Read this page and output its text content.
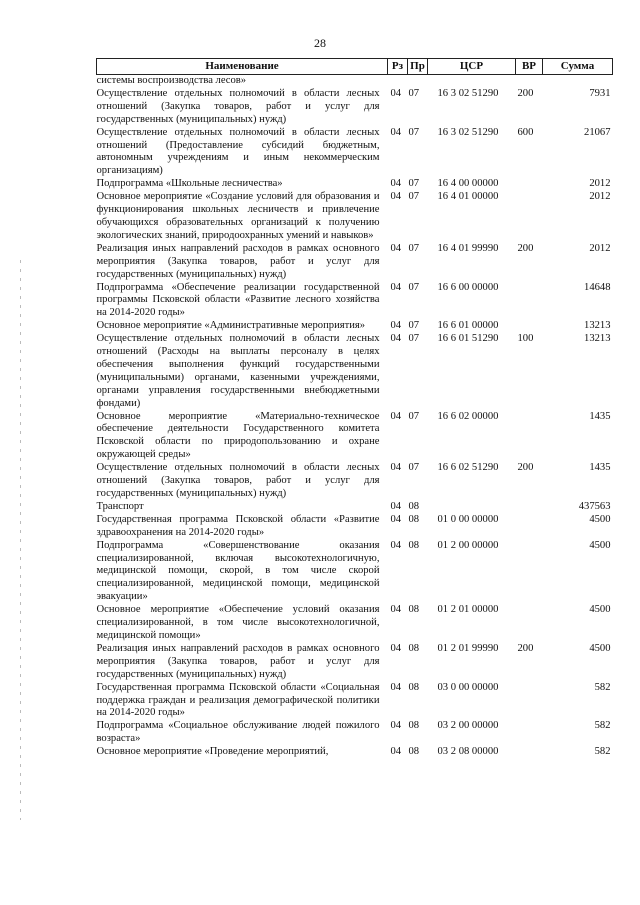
28
Наименование	Рз	Пр	ЦСР	ВР	Сумма
системы воспроизводства лесов»					
Осуществление отдельных полномочий в области лесных отношений (Закупка товаров, работ и услуг для государственных (муниципальных) нужд)	04	07	16 3 02 51290	200	7931
Осуществление отдельных полномочий в области лесных отношений (Предоставление субсидий бюджетным, автономным учреждениям и иным некоммерческим организациям)	04	07	16 3 02 51290	600	21067
Подпрограмма «Школьные лесничества»	04	07	16 4 00 00000		2012
Основное мероприятие «Создание условий для образования и функционирования школьных лесничеств и привлечение обучающихся образовательных организаций к получению экологических знаний, природоохранных умений и навыков»	04	07	16 4 01 00000		2012
Реализация иных направлений расходов в рамках основного мероприятия (Закупка товаров, работ и услуг для государственных (муниципальных) нужд)	04	07	16 4 01 99990	200	2012
Подпрограмма «Обеспечение реализации государственной программы Псковской области «Развитие лесного хозяйства на 2014-2020 годы»	04	07	16 6 00 00000		14648
Основное мероприятие «Административные мероприятия»	04	07	16 6 01 00000		13213
Осуществление отдельных полномочий в области лесных отношений (Расходы на выплаты персоналу в целях обеспечения выполнения функций государственными (муниципальными) органами, казенными учреждениями, органами управления государственными внебюджетными фондами)	04	07	16 6 01 51290	100	13213
Основное мероприятие «Материально-техническое обеспечение деятельности Государственного комитета Псковской области по природопользованию и охране окружающей среды»	04	07	16 6 02 00000		1435
Осуществление отдельных полномочий в области лесных отношений (Закупка товаров, работ и услуг для государственных (муниципальных) нужд)	04	07	16 6 02 51290	200	1435
Транспорт	04	08			437563
Государственная программа Псковской области «Развитие здравоохранения на 2014-2020 годы»	04	08	01 0 00 00000		4500
Подпрограмма «Совершенствование оказания специализированной, включая высокотехнологичную, медицинской помощи, скорой, в том числе скорой специализированной, медицинской помощи, медицинской эвакуации»	04	08	01 2 00 00000		4500
Основное мероприятие «Обеспечение условий оказания специализированной, в том числе высокотехнологичной, медицинской помощи»	04	08	01 2 01 00000		4500
Реализация иных направлений расходов в рамках основного мероприятия (Закупка товаров, работ и услуг для государственных (муниципальных) нужд)	04	08	01 2 01 99990	200	4500
Государственная программа Псковской области «Социальная поддержка граждан и реализация демографической политики на 2014-2020 годы»	04	08	03 0 00 00000		582
Подпрограмма «Социальное обслуживание людей пожилого возраста»	04	08	03 2 00 00000		582
Основное мероприятие «Проведение мероприятий,	04	08	03 2 08 00000		582
